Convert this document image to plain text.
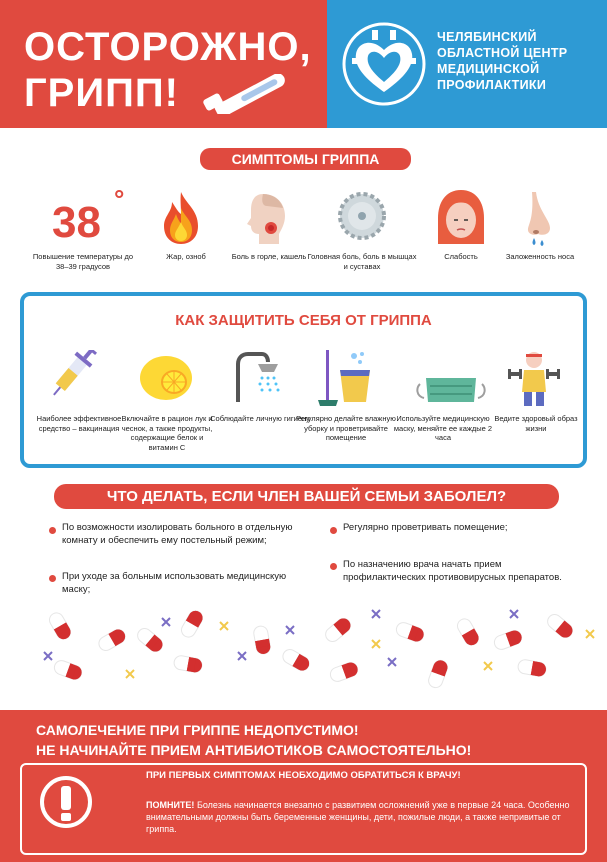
ОСТОРОЖНО,
ГРИПП!
ЧЕЛЯБИНСКИЙ
ОБЛАСТНОЙ ЦЕНТР
МЕДИЦИНСКОЙ
ПРОФИЛАКТИКИ
СИМПТОМЫ ГРИППА
38 °
Повышение температуры до 38–39 градусов
Жар, озноб	Боль в горле, кашель Головная боль, боль в мышцах и суставах
Слабость	Заложенность носа
КАК ЗАЩИТИТЬ СЕБЯ ОТ ГРИППА
Наиболее эффективное средство – вакцинация
Включайте в рацион лук и чеснок, а также продукты, содержащие белок и витамин С
Соблюдайте личную гигиену
Регулярно делайте влажную уборку и проветривайте помещение
Используйте медицинскую маску, меняйте ее каждые 2 часа
Ведите здоровый образ жизни
ЧТО ДЕЛАТЬ, ЕСЛИ ЧЛЕН ВАШЕЙ СЕМЬИ ЗАБОЛЕЛ?
По возможности изолировать больного в отдельную комнату и обеспечить ему постельный режим;
При уходе за больным использовать медицинскую маску;
Регулярно проветривать помещение;
По назначению врача начать прием профилактических противовирусных препаратов.
САМОЛЕЧЕНИЕ ПРИ ГРИППЕ НЕДОПУСТИМО!
НЕ НАЧИНАЙТЕ ПРИЕМ АНТИБИОТИКОВ САМОСТОЯТЕЛЬНО!
ПРИ ПЕРВЫХ СИМПТОМАХ НЕОБХОДИМО ОБРАТИТЬСЯ К ВРАЧУ!
ПОМНИТЕ! Болезнь начинается внезапно с развитием осложнений уже в первые 24 часа. Особенно внимательными должны быть беременные женщины, дети, пожилые люди, а также непривитые от гриппа.
